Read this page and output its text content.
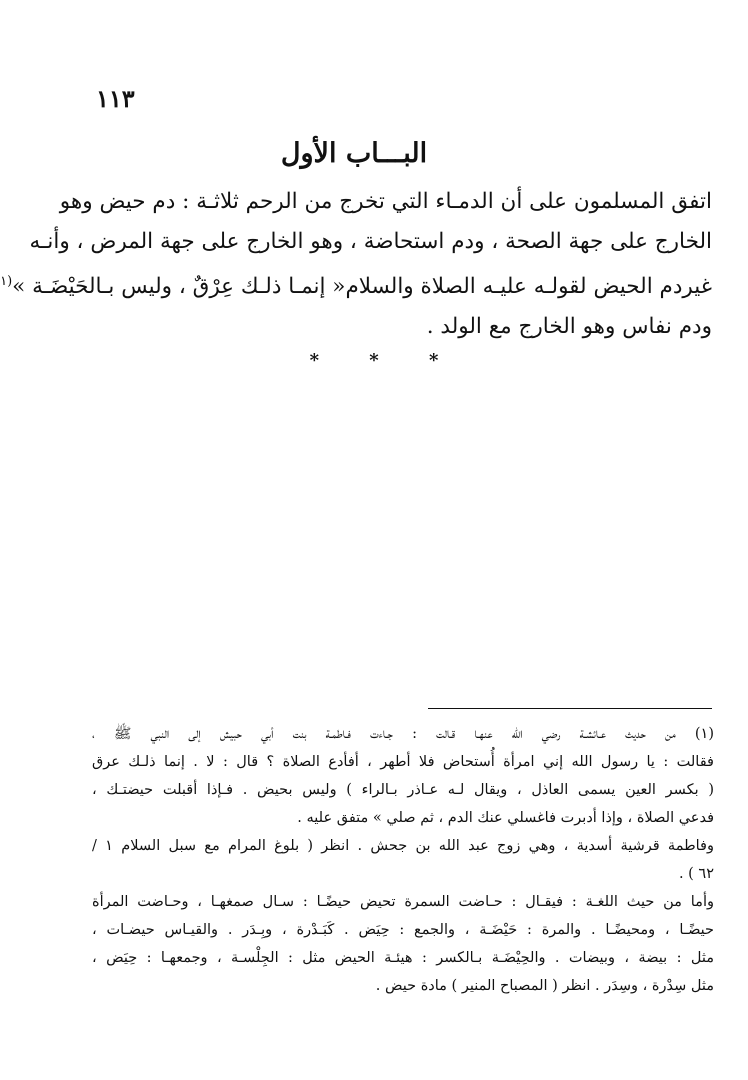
١١٣
البـــاب الأول
اتفق المسلمون على أن الدمـاء التي تخرج من الرحم ثلاثـة : دم حيض وهو
الخارج على جهة الصحة ، ودم استحاضة ، وهو الخارج على جهة المرض ، وأنـه
غيردم الحيض لقولـه عليـه الصلاة والسلام« إنمـا ذلـك عِرْقٌ ، وليس بـالحَيْضَـة »$^{(١}$
ودم نفاس وهو الخارج مع الولد .
* * *
(١) من حديث عـائشـة رضي الله عنهـا قـالت : جـاءت فـاطمـة بنت أبي حبيش إلى النبي ﷺ ،
فقالت : يا رسول الله إني امرأة أُستحاض فلا أطهر ، أفأدع الصلاة ؟ قال : لا . إنما ذلـك عرق
( بكسر العين يسمى العاذل ، ويقال لـه عـاذر بـالراء ) وليس بحيض . فـإذا أقبلت حيضتـك ،
فدعي الصلاة ، وإذا أدبرت فاغسلي عنك الدم ، ثم صلي » متفق عليه .
وفاطمة قرشية أسدية ، وهي زوج عبد الله بن جحش . انظر ( بلوغ المرام مع سبل السلام ١ /
٦٢ ) .
وأما من حيث اللغـة : فيقـال : حـاضت السمرة تحيض حيضًـا : سـال صمغهـا ، وحـاضت المرأة
حيضًـا ، ومحيضًـا . والمرة : حَيْضَـة ، والجمع : حِيَض . كَبَـدْرة ، وبِـدَر . والقيـاس حيضـات ،
مثل : بيضة ، وبيضات . والحِيْضَـة بـالكسر : هيئـة الحيض مثل : الجِلْسـة ، وجمعهـا : حِيَض ،
مثل سِدْرة ، وسِدَر . انظر ( المصباح المنير ) مادة حيض .
